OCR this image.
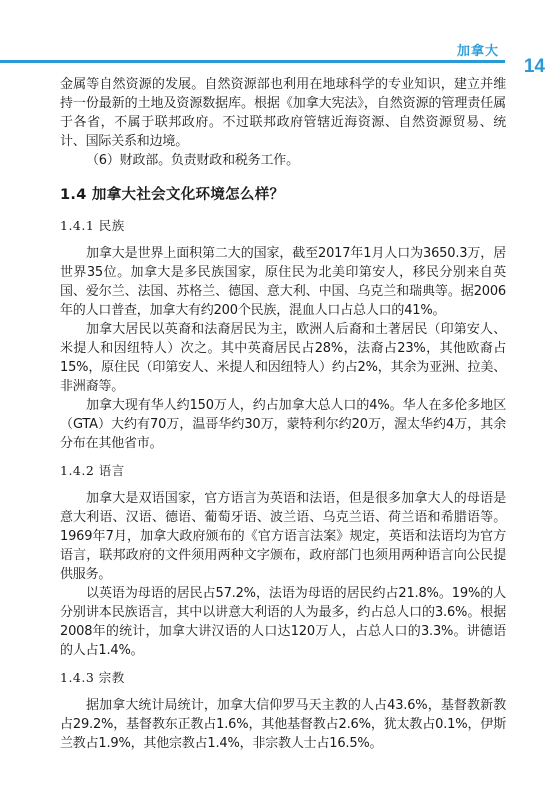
加拿大
14

金属等自然资源的发展。自然资源部也利用在地球科学的专业知识，建立并维持一份最新的土地及资源数据库。根据《加拿大宪法》，自然资源的管理责任属于各省，不属于联邦政府。不过联邦政府管辖近海资源、自然资源贸易、统计、国际关系和边境。

（6）财政部。负责财政和税务工作。

1.4 加拿大社会文化环境怎么样？
1.4.1 民族

加拿大是世界上面积第二大的国家，截至2017年1月人口为3650.3万，居世界35位。加拿大是多民族国家，原住民为北美印第安人，移民分别来自英国、爱尔兰、法国、苏格兰、德国、意大利、中国、乌克兰和瑞典等。据2006年的人口普查，加拿大有约200个民族，混血人口占总人口的41%。

加拿大居民以英裔和法裔居民为主，欧洲人后裔和土著居民（印第安人、米提人和因纽特人）次之。其中英裔居民占28%，法裔占23%，其他欧裔占15%，原住民（印第安人、米提人和因纽特人）约占2%，其余为亚洲、拉美、非洲裔等。

加拿大现有华人约150万人，约占加拿大总人口的4%。华人在多伦多地区（GTA）大约有70万，温哥华约30万，蒙特利尔约20万，渥太华约4万，其余分布在其他省市。

1.4.2 语言

加拿大是双语国家，官方语言为英语和法语，但是很多加拿大人的母语是意大利语、汉语、德语、葡萄牙语、波兰语、乌克兰语、荷兰语和希腊语等。1969年7月，加拿大政府颁布的《官方语言法案》规定，英语和法语均为官方语言，联邦政府的文件须用两种文字颁布，政府部门也须用两种语言向公民提供服务。

以英语为母语的居民占57.2%，法语为母语的居民约占21.8%。19%的人分别讲本民族语言，其中以讲意大利语的人为最多，约占总人口的3.6%。根据2008年的统计，加拿大讲汉语的人口达120万人，占总人口的3.3%。讲德语的人占1.4%。

1.4.3 宗教

据加拿大统计局统计，加拿大信仰罗马天主教的人占43.6%，基督教新教占29.2%，基督教东正教占1.6%，其他基督教占2.6%，犹太教占0.1%，伊斯兰教占1.9%，其他宗教占1.4%，非宗教人士占16.5%。
